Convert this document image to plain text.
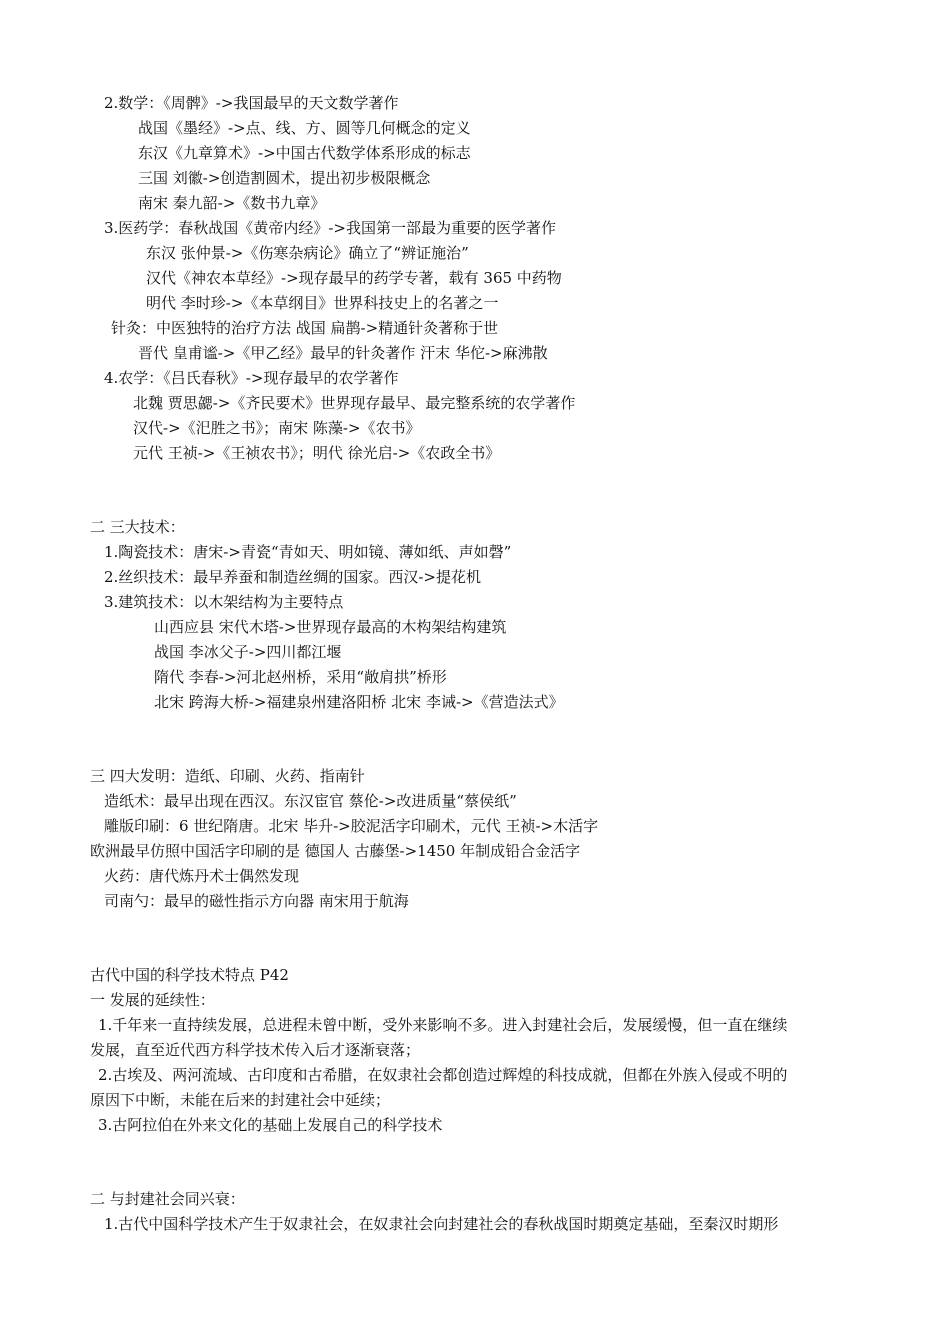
2.数学：《周髀》->我国最早的天文数学著作
战国《墨经》->点、线、方、圆等几何概念的定义
东汉《九章算术》->中国古代数学体系形成的标志
三国 刘徽->创造割圆术，提出初步极限概念
南宋 秦九韶->《数书九章》
3.医药学：春秋战国《黄帝内经》->我国第一部最为重要的医学著作
东汉 张仲景->《伤寒杂病论》确立了“辨证施治”
汉代《神农本草经》->现存最早的药学专著，载有 365 中药物
明代 李时珍->《本草纲目》世界科技史上的名著之一
针灸：中医独特的治疗方法 战国 扁鹊->精通针灸著称于世
晋代 皇甫谧->《甲乙经》最早的针灸著作 汗末 华佗->麻沸散
4.农学：《吕氏春秋》->现存最早的农学著作
北魏 贾思勰->《齐民要术》世界现存最早、最完整系统的农学著作
汉代->《汜胜之书》；南宋 陈藻->《农书》
元代 王祯->《王祯农书》；明代 徐光启->《农政全书》
二 三大技术：
1.陶瓷技术：唐宋->青瓷“青如天、明如镜、薄如纸、声如磬”
2.丝织技术：最早养蚕和制造丝绸的国家。西汉->提花机
3.建筑技术：以木架结构为主要特点
山西应县 宋代木塔->世界现存最高的木构架结构建筑
战国 李冰父子->四川都江堰
隋代 李春->河北赵州桥，采用“敞肩拱”桥形
北宋 跨海大桥->福建泉州建洛阳桥 北宋 李诫->《营造法式》
三 四大发明：造纸、印刷、火药、指南针
造纸术：最早出现在西汉。东汉宦官 蔡伦->改进质量“蔡侯纸”
雕版印刷：6 世纪隋唐。北宋 毕升->胶泥活字印刷术，元代 王祯->木活字
欧洲最早仿照中国活字印刷的是 德国人 古藤堡->1450 年制成铅合金活字
火药：唐代炼丹术士偶然发现
司南勺：最早的磁性指示方向器 南宋用于航海
古代中国的科学技术特点 P42
一 发展的延续性：
1.千年来一直持续发展，总进程未曾中断，受外来影响不多。进入封建社会后，发展缓慢，但一直在继续
发展，直至近代西方科学技术传入后才逐渐衰落；
2.古埃及、两河流域、古印度和古希腊，在奴隶社会都创造过辉煌的科技成就，但都在外族入侵或不明的
原因下中断，未能在后来的封建社会中延续；
3.古阿拉伯在外来文化的基础上发展自己的科学技术
二 与封建社会同兴衰：
1.古代中国科学技术产生于奴隶社会，在奴隶社会向封建社会的春秋战国时期奠定基础，至秦汉时期形
